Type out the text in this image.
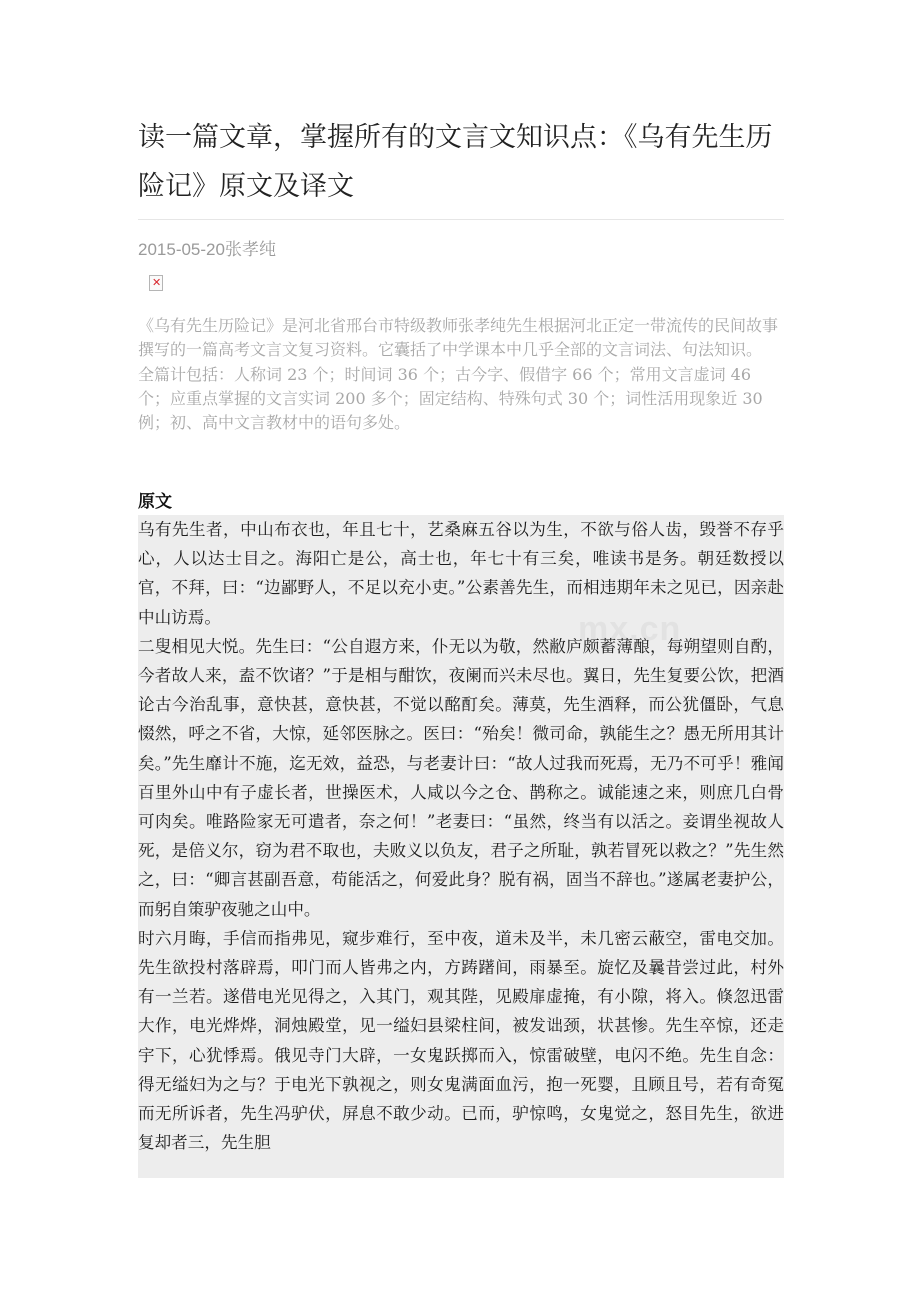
读一篇文章，掌握所有的文言文知识点：《乌有先生历险记》原文及译文
2015-05-20张孝纯
✕

《乌有先生历险记》是河北省邢台市特级教师张孝纯先生根据河北正定一带流传的民间故事撰写的一篇高考文言文复习资料。它囊括了中学课本中几乎全部的文言词法、句法知识。

全篇计包括：人称词 23 个；时间词 36 个；古今字、假借字 66 个；常用文言虚词 46 个；应重点掌握的文言实词 200 多个；固定结构、特殊句式 30 个；词性活用现象近 30 例；初、高中文言教材中的语句多处。

原文

乌有先生者，中山布衣也，年且七十，艺桑麻五谷以为生，不欲与俗人齿，毁誉不存乎心，人以达士目之。海阳亡是公，高士也，年七十有三矣，唯读书是务。朝廷数授以官，不拜，曰：“边鄙野人，不足以充小吏。”公素善先生，而相违期年未之见已，因亲赴中山访焉。

二叟相见大悦。先生曰：“公自遐方来，仆无以为敬，然敝庐颇蓄薄酿，每朔望则自酌，今者故人来，盍不饮诸？”于是相与酣饮，夜阑而兴未尽也。翼日，先生复要公饮，把酒论古今治乱事，意快甚，意快甚，不觉以酩酊矣。薄莫，先生酒释，而公犹僵卧，气息惙然，呼之不省，大惊，延邻医脉之。医曰：“殆矣！微司命，孰能生之？愚无所用其计矣。”先生靡计不施，迄无效，益恐，与老妻计曰：“故人过我而死焉，无乃不可乎！雅闻百里外山中有子虚长者，世操医术，人咸以今之仓、鹊称之。诚能速之来，则庶几白骨可肉矣。唯路险家无可遣者，奈之何！”老妻曰：“虽然，终当有以活之。妾谓坐视故人死，是倍义尔，窃为君不取也，夫败义以负友，君子之所耻，孰若冒死以救之？”先生然之，曰：“卿言甚副吾意，苟能活之，何爱此身？脱有祸，固当不辞也。”遂属老妻护公，而躬自策驴夜驰之山中。

时六月晦，手信而指弗见，窥步难行，至中夜，道未及半，未几密云蔽空，雷电交加。先生欲投村落辟焉，叩门而人皆弗之内，方踌躇间，雨暴至。旋忆及曩昔尝过此，村外有一兰若。遂借电光见得之，入其门，观其陛，见殿扉虚掩，有小隙，将入。倏忽迅雷大作，电光烨烨，洞烛殿堂，见一缢妇县梁柱间，被发诎颈，状甚惨。先生卒惊，还走宇下，心犹悸焉。俄见寺门大辟，一女鬼跃掷而入，惊雷破壁，电闪不绝。先生自念：得无缢妇为之与？于电光下孰视之，则女鬼满面血污，抱一死婴，且顾且号，若有奇冤而无所诉者，先生冯驴伏，屏息不敢少动。已而，驴惊鸣，女鬼觉之，怒目先生，欲进复却者三，先生胆
